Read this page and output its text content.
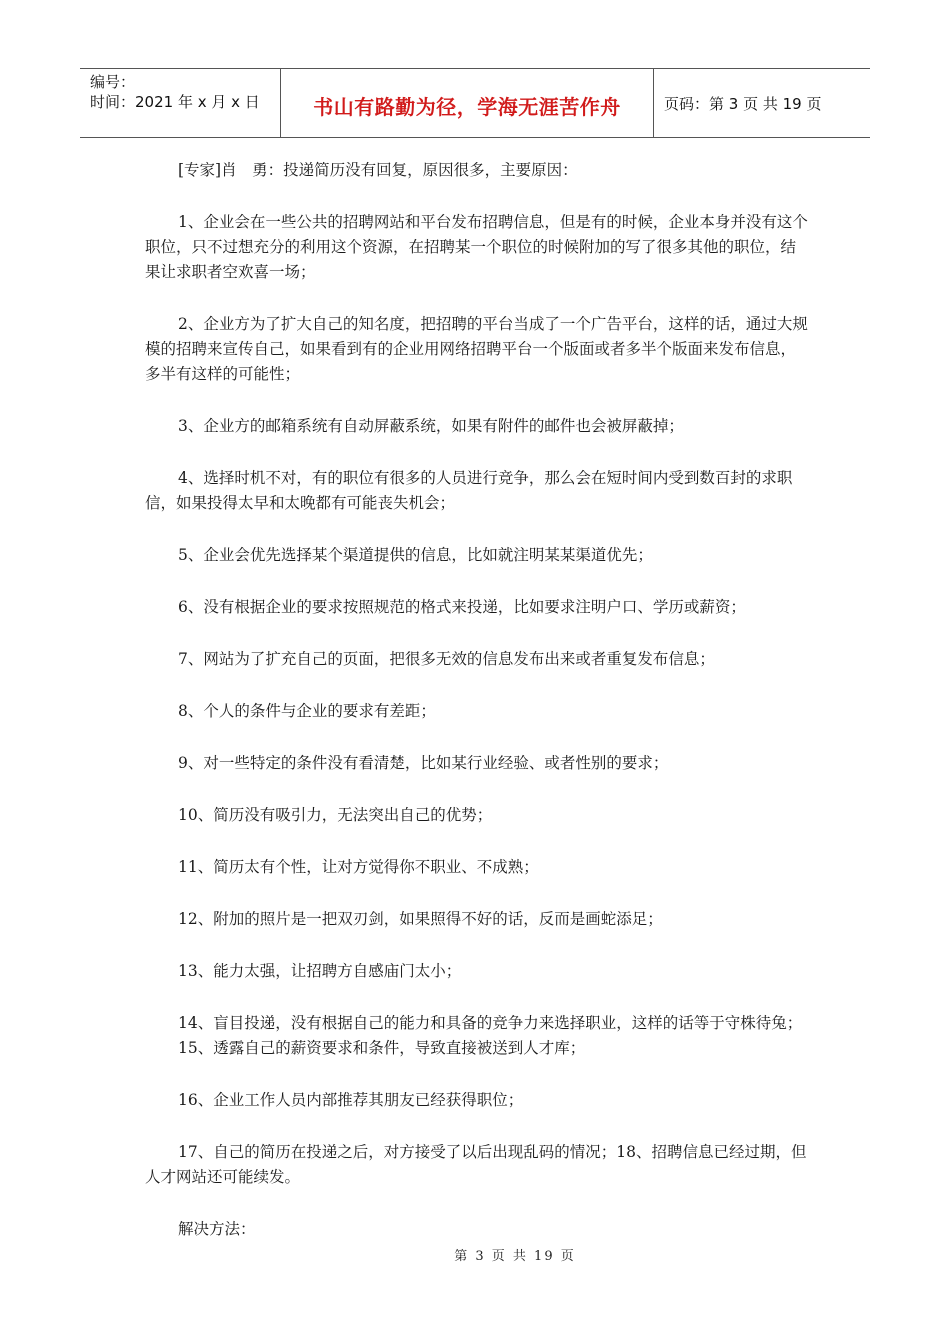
编号：
时间：2021 年 x 月 x 日	书山有路勤为径，学海无涯苦作舟	页码：第 3 页 共 19 页

[专家]肖　勇：投递简历没有回复，原因很多，主要原因：

1、企业会在一些公共的招聘网站和平台发布招聘信息，但是有的时候，企业本身并没有这个职位，只不过想充分的利用这个资源，在招聘某一个职位的时候附加的写了很多其他的职位，结果让求职者空欢喜一场；

2、企业方为了扩大自己的知名度，把招聘的平台当成了一个广告平台，这样的话，通过大规模的招聘来宣传自己，如果看到有的企业用网络招聘平台一个版面或者多半个版面来发布信息，多半有这样的可能性；

3、企业方的邮箱系统有自动屏蔽系统，如果有附件的邮件也会被屏蔽掉；

4、选择时机不对，有的职位有很多的人员进行竞争，那么会在短时间内受到数百封的求职信，如果投得太早和太晚都有可能丧失机会；

5、企业会优先选择某个渠道提供的信息，比如就注明某某渠道优先；

6、没有根据企业的要求按照规范的格式来投递，比如要求注明户口、学历或薪资；

7、网站为了扩充自己的页面，把很多无效的信息发布出来或者重复发布信息；

8、个人的条件与企业的要求有差距；

9、对一些特定的条件没有看清楚，比如某行业经验、或者性别的要求；

10、简历没有吸引力，无法突出自己的优势；

11、简历太有个性，让对方觉得你不职业、不成熟；

12、附加的照片是一把双刃剑，如果照得不好的话，反而是画蛇添足；

13、能力太强，让招聘方自感庙门太小；

14、盲目投递，没有根据自己的能力和具备的竞争力来选择职业，这样的话等于守株待兔；

15、透露自己的薪资要求和条件，导致直接被送到人才库；

16、企业工作人员内部推荐其朋友已经获得职位；

17、自己的简历在投递之后，对方接受了以后出现乱码的情况；18、招聘信息已经过期，但人才网站还可能续发。

解决方法：

第 3 页 共 19 页
